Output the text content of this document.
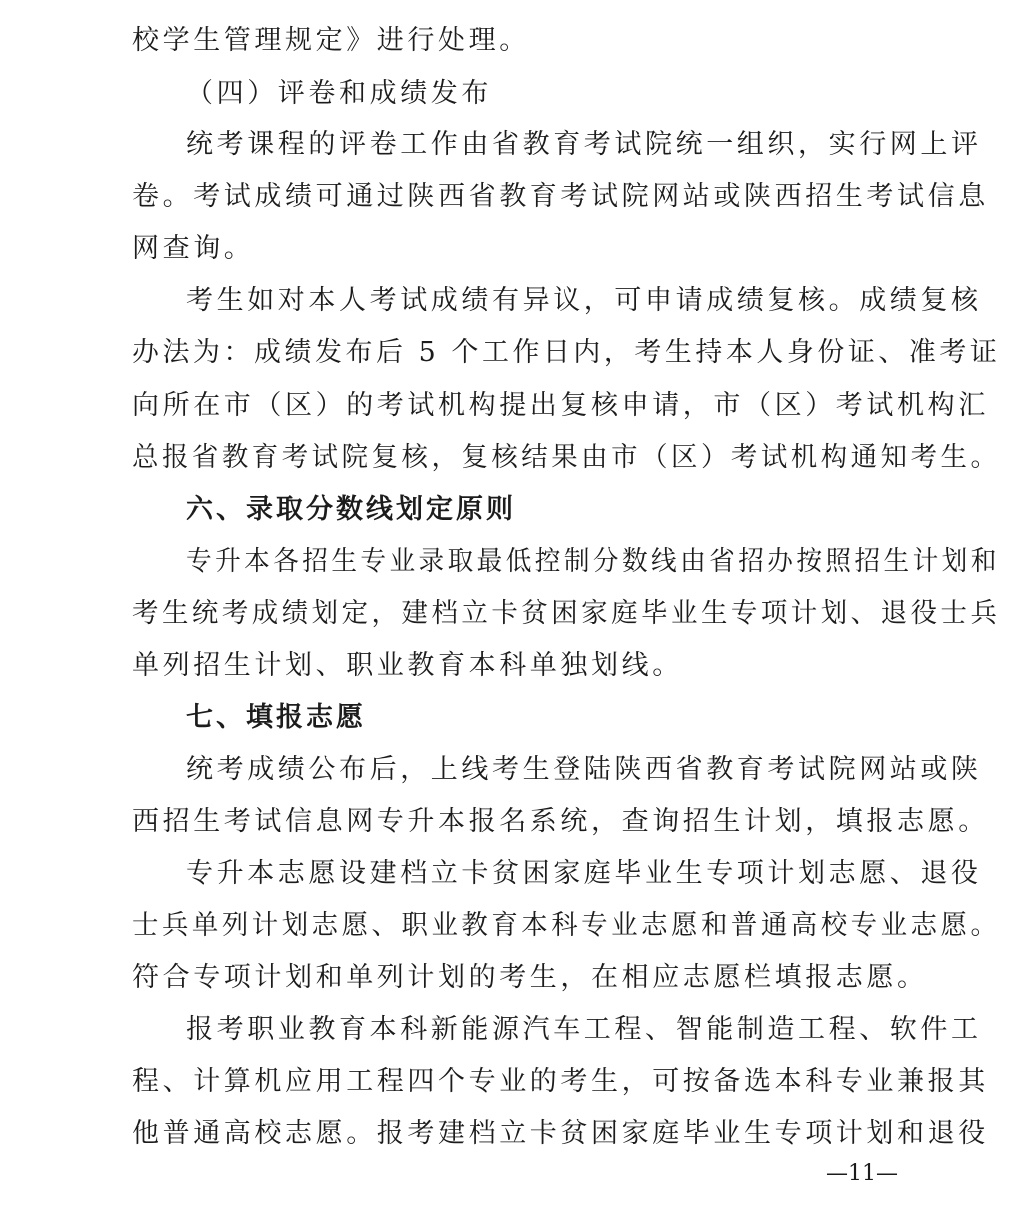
校学生管理规定》进行处理。
（四）评卷和成绩发布
统考课程的评卷工作由省教育考试院统一组织，实行网上评
卷。考试成绩可通过陕西省教育考试院网站或陕西招生考试信息
网查询。
考生如对本人考试成绩有异议，可申请成绩复核。成绩复核
办法为：成绩发布后 5 个工作日内，考生持本人身份证、准考证
向所在市（区）的考试机构提出复核申请，市（区）考试机构汇
总报省教育考试院复核，复核结果由市（区）考试机构通知考生。
六、录取分数线划定原则
专升本各招生专业录取最低控制分数线由省招办按照招生计划和
考生统考成绩划定，建档立卡贫困家庭毕业生专项计划、退役士兵
单列招生计划、职业教育本科单独划线。
七、填报志愿
统考成绩公布后，上线考生登陆陕西省教育考试院网站或陕
西招生考试信息网专升本报名系统，查询招生计划，填报志愿。
专升本志愿设建档立卡贫困家庭毕业生专项计划志愿、退役
士兵单列计划志愿、职业教育本科专业志愿和普通高校专业志愿。
符合专项计划和单列计划的考生，在相应志愿栏填报志愿。
报考职业教育本科新能源汽车工程、智能制造工程、软件工
程、计算机应用工程四个专业的考生，可按备选本科专业兼报其
他普通高校志愿。报考建档立卡贫困家庭毕业生专项计划和退役
—11—
